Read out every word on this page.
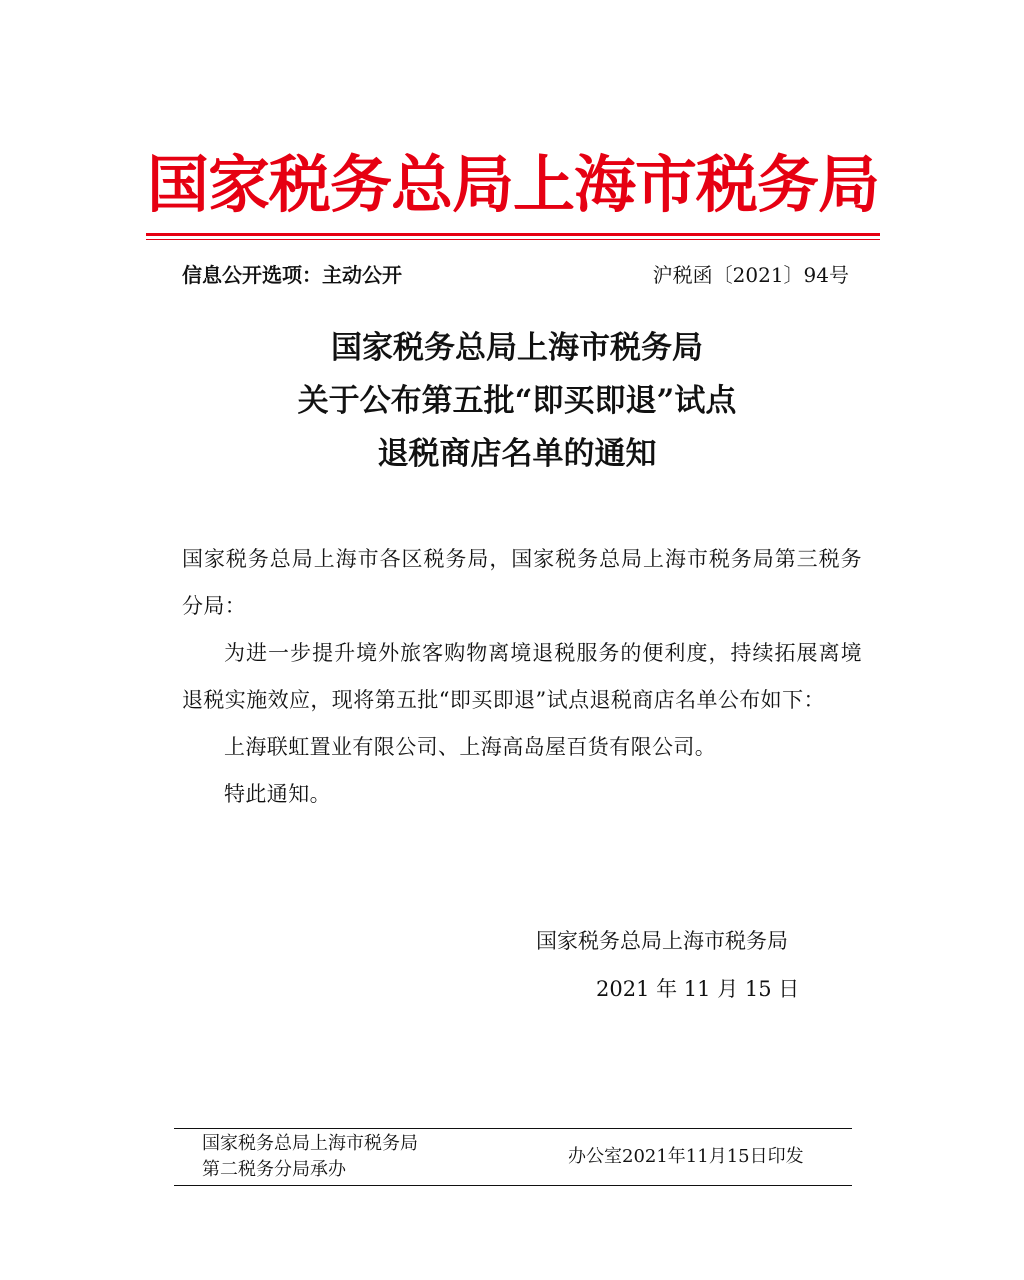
国家税务总局上海市税务局
信息公开选项：主动公开	沪税函〔2021〕94号
国家税务总局上海市税务局
关于公布第五批“即买即退”试点
退税商店名单的通知

国家税务总局上海市各区税务局，国家税务总局上海市税务局第三税务分局：

为进一步提升境外旅客购物离境退税服务的便利度，持续拓展离境退税实施效应，现将第五批“即买即退”试点退税商店名单公布如下：

上海联虹置业有限公司、上海高岛屋百货有限公司。

特此通知。

国家税务总局上海市税务局
2021 年 11 月 15 日
国家税务总局上海市税务局
第二税务分局承办
办公室2021年11月15日印发
